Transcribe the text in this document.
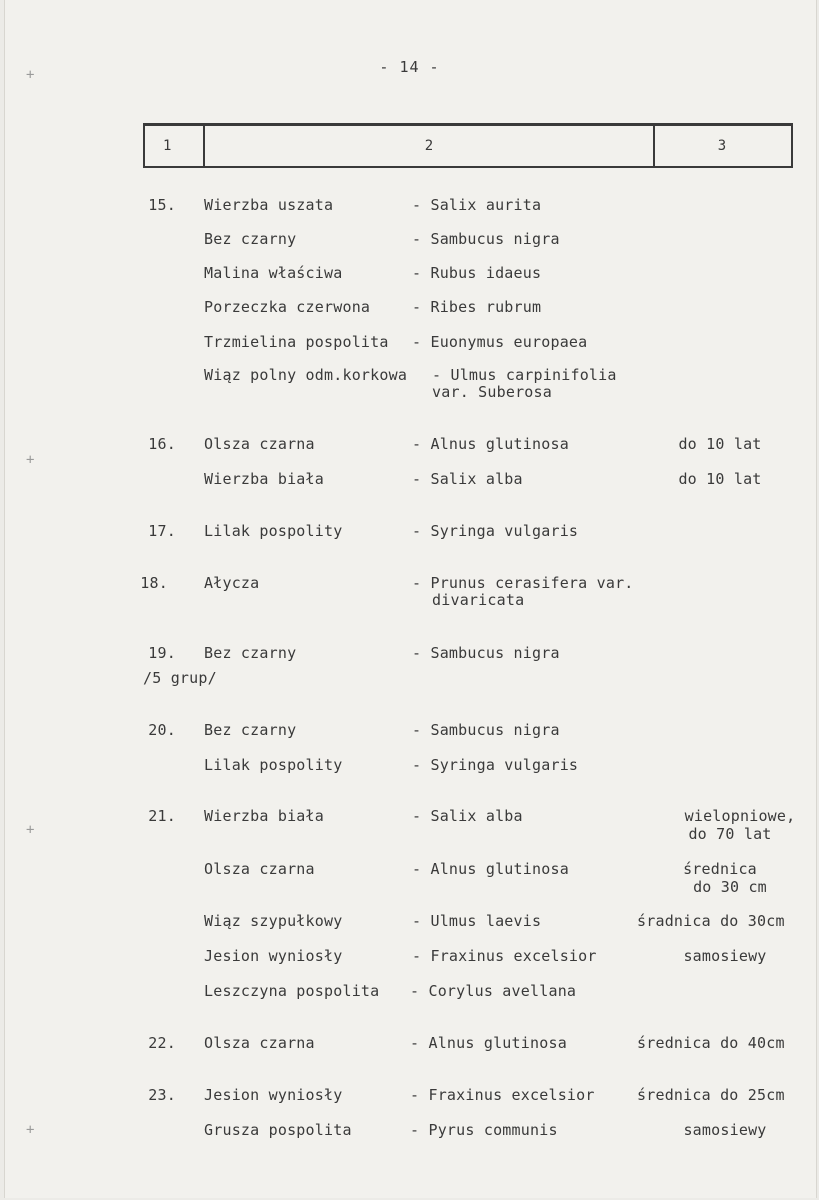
+
+
+
+
- 14 -
1	2	3
15. Wierzba uszata	- Salix aurita
Bez czarny	- Sambucus nigra
Malina właściwa	- Rubus idaeus
Porzeczka czerwona	- Ribes rubrum
Trzmielina pospolita - Euonymus europaea
Wiąz polny odm.korkowa - Ulmus carpinifolia
var. Suberosa
16. Olsza czarna	- Alnus glutinosa	do 10 lat
Wierzba biała	- Salix alba	do 10 lat
17. Lilak pospolity	- Syringa vulgaris
18. Ałycza	- Prunus cerasifera var.
divaricata
19. Bez czarny	- Sambucus nigra
/5 grup/
20. Bez czarny	- Sambucus nigra
Lilak pospolity	- Syringa vulgaris
21. Wierzba biała	- Salix alba	wielopniowe,
do 70 lat
Olsza czarna	- Alnus glutinosa	średnica
do 30 cm
Wiąz szypułkowy	- Ulmus laevis	śradnica do 30cm
Jesion wyniosły	- Fraxinus excelsior	samosiewy
Leszczyna pospolita - Corylus avellana
22. Olsza czarna	- Alnus glutinosa	średnica do 40cm
23. Jesion wyniosły	- Fraxinus excelsior	średnica do 25cm
Grusza pospolita	- Pyrus communis	samosiewy
